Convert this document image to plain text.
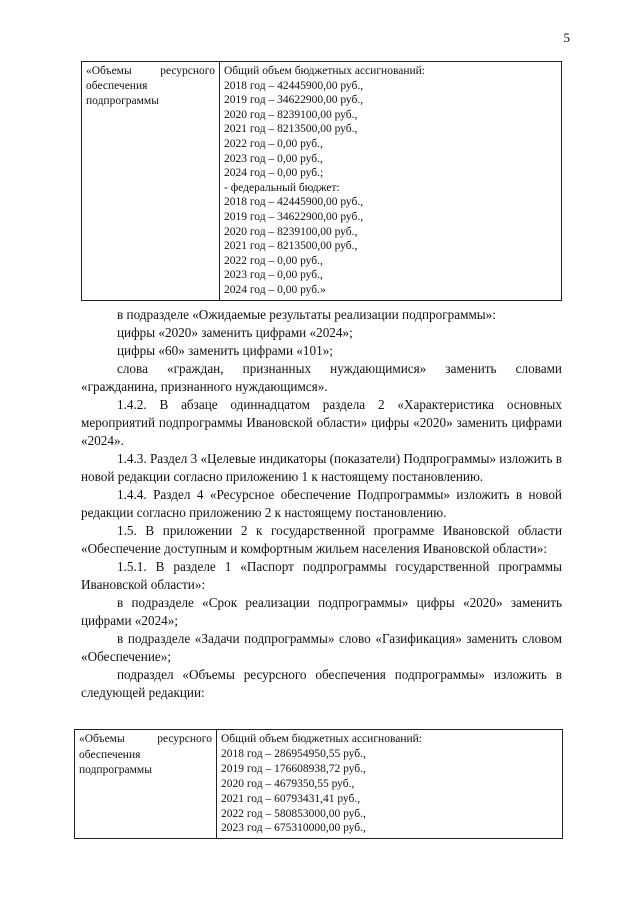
5
«Объемы ресурсного обеспечения подпрограммы

Общий объем бюджетных ассигнований:
2018 год – 42445900,00 руб.,
2019 год – 34622900,00 руб.,
2020 год – 8239100,00 руб.,
2021 год – 8213500,00 руб.,
2022 год – 0,00 руб.,
2023 год – 0,00 руб.,
2024 год – 0,00 руб.;
- федеральный бюджет:
2018 год – 42445900,00 руб.,
2019 год – 34622900,00 руб.,
2020 год – 8239100,00 руб.,
2021 год – 8213500,00 руб.,
2022 год – 0,00 руб.,
2023 год – 0,00 руб.,
2024 год – 0,00 руб.»

в подразделе «Ожидаемые результаты реализации подпрограммы»:

цифры «2020» заменить цифрами «2024»;

цифры «60» заменить цифрами «101»;

слова «граждан, признанных нуждающимися» заменить словами «гражданина, признанного нуждающимся».

1.4.2. В абзаце одиннадцатом раздела 2 «Характеристика основных мероприятий подпрограммы Ивановской области» цифры «2020» заменить цифрами «2024».

1.4.3. Раздел 3 «Целевые индикаторы (показатели) Подпрограммы» изложить в новой редакции согласно приложению 1 к настоящему постановлению.

1.4.4. Раздел 4 «Ресурсное обеспечение Подпрограммы» изложить в новой редакции согласно приложению 2 к настоящему постановлению.

1.5. В приложении 2 к государственной программе Ивановской области «Обеспечение доступным и комфортным жильем населения Ивановской области»:

1.5.1. В разделе 1 «Паспорт подпрограммы государственной программы Ивановской области»:

в подразделе «Срок реализации подпрограммы» цифры «2020» заменить цифрами «2024»;

в подразделе «Задачи подпрограммы» слово «Газификация» заменить словом «Обеспечение»;

подраздел «Объемы ресурсного обеспечения подпрограммы» изложить в следующей редакции:

«Объемы ресурсного обеспечения подпрограммы

Общий объем бюджетных ассигнований:
2018 год – 286954950,55 руб.,
2019 год – 176608938,72 руб.,
2020 год – 4679350,55 руб.,
2021 год – 60793431,41 руб.,
2022 год – 580853000,00 руб.,
2023 год – 675310000,00 руб.,
